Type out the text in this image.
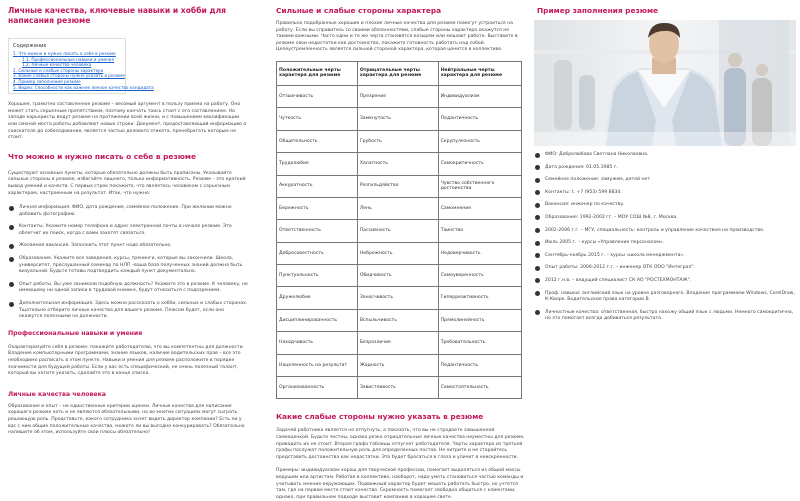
Личные качества, ключевые навыки и хобби для написания резюме
Содержание
1. Что можно и нужно писать о себе в резюме
1.1. Профессиональные навыки и умения
1.2. Личные качества человека
2. Сильные и слабые стороны характера
3. Какие слабые стороны нужно указать в резюме
4. Пример заполнения резюме
5. Видео: Способности как важнее личное качество кандидата

Хорошее, грамотно составленное резюме – весомый аргумент в пользу приема на работу. Оно может стать серьезным препятствием, поэтому кончать тоись стоит с его составлением. На западе карьеристы ведут резюме на протяжении всей жизни, и с повышением квалификации или сменой места работы добавляют новые строки. Документ, предоставляющий информацию о соискателе до собеседования, является частью делового этикета, пренебрегать которым не стоит.

Что можно и нужно писать о себе в резюме

Существуют основные пункты, которые обязательно должны быть прописаны. Указывайте сильные стороны в резюме, избегайте лишнего, только информативность. Резюме – это краткий вывод умений и качеств. С первых строк покажите, что являетесь человеком с серьезным характером, настроенным на результат. Итак, что нужно:

Личная информация: ФИО, дата рождения, семейное положение. При желании можно добавить фотографию.
Контакты. Укажите номер телефона и адрес электронной почты в начале резюме. Это облегчит их поиск, когда с вами захотят связаться.
Желаемая вакансия. Заполнить этот пункт надо обязательно.
Образование. Укажите все заведения, курсы, тренинги, которые вы закончили. Школа, университет, прослушанный семинар по НЛП –ваша база полученных знаний должна быть визуальной. Будьте готовы подтвердить каждый пункт документально.
Опыт работы. Вы уже занимали подобную должность? Укажите это в резюме. К человеку, не имеющему ни одной записи в трудовой книжке, будут относиться с подозрением.
Дополнительная информация. Здесь можно рассказать о хобби, сильных и слабых сторонах. Тщательно отберите личные качества для вашего резюме. Плюсом будет, если оно окажутся полезными на должности.
Профессиональные навыки и умения

Охарактеризуйте себя в резюме: покажите работодателю, что вы компетентны для должности. Владение компьютерными программами, знание языков, наличие водительских прав – все это необходимо расписать в этом пункте. Навыки и умения для резюме расположите в порядке значимости для будущей работы. Если у вас есть специфический, не очень полезный талант, который вы хотите указать, сделайте это в конце списка.

Личные качества человека

Образование и опыт – не единственные критерии оценки. Личные качества для написания хорошего резюме хоть и не являются обязательными, но во многих ситуациях могут сыграть решающую роль. Представьте, какого сотрудника хочет видеть директор компании? Есть ли у вас с ним общие положительные качества, можете ли вы выгодно конкурировать? Обязательно напишите об этом, используйте свои плюсы обязательно!

Сильные и слабые стороны характера

Правильно подобранные хорошие и плохие личные качества для резюме помогут устроиться на работу. Если вы справитесь со своими обязанностями, слабые стороны характера окажутся не такими важными. Часто одни и те же черта становятся козырем или мешают работе. Выставите в резюме свои недостатки как достоинства, покажите готовность работать над собой. Целеустремленность является сильной стороной характера, которая ценится в коллективе.

Положительные черты характера для резюме	Отрицательные черты характера для резюме	Нейтральные черты характера для резюме
Отзывчивость	Презрение	Индивидуализм
Чуткость	Замкнутость	Педантичность
Общительность	Грубость	Скрупулезность
Трудолюбие	Халатность	Самокритичность
Аккуратность	Розгильдяйство	Чувство собственного достоинства
Бережность	Лень	Самомнение
Ответственность	Пассивность	Таинство
Добросовестность	Небрежность	Недоверчивость
Пунктуальность	Обидчивость	Самоуверенность
Дружелюбие	Заносчивость	Гиперреактивность
Дисциплинированность	Вспыльчивость	Прямолинейность
Находчивость	Безразличие	Требовательность
Нацеленность на результат	Жадность	Педантичность
Организованность	Завистливость	Самостоятельность
Какие слабые стороны нужно указать в резюме

Задачей работника является не отпугнуть, а показать, что вы не страдаете завышенной самооценкой. Будьте честны, однако резко отрицательные личные качества неуместны для резюме, приводить их не стоит. Вторая графа таблицы отпугнет работодателя. Черты характера из третьей графы послужат положительную роль для определенных постов. Не хитрите и не старайтесь представить достоинства как недостатки. Это будет бросаться в глаза и уличит в неискренности.

Примеры: индивидуализм хорош для творческой профессии, помогает выделяться из общей массы ведущим или артистам. Работая в коллективе, наоборот, надо уметь становиться частью команды и учитывать мнение окружающих. Подвижный характер будет мешать работать быстро, но учтется там, где на первом месте стоит качество. Скромность помогает свободно общаться с клиентами, однако, при правильном подходе выставит компанию в хорошем свете.

Пример заполнения резюме
ФИО: Добролюбова Светлана Николаевна.
Дата рождения: 01.05.1985 г.
Семейное положение: замужем, детей нет.
Контакты: t. +7 (953) 599 8834.
Вакансия: инженер по качеству.
Образование: 1992-2002 гг. – МОУ СОШ №8, г. Москва.
2002-2006 г.г. – МГУ, специальность: контроль и управление качеством на производстве.
Июль 2005 г. – курсы «Управление персоналом».
Сентябрь-ноябрь 2015 г. – курсы «школа менеджмента».
Опыт работы: 2006-2012 г.г. – инженер ОТК ООО "Интеграл".
2012 г.н.в. – ведущий специалист СК АО "РОСТЕХМОНТАЖ".
Проф. навыки: английский язык на уровне разговорного. Владение программами Windows, CorelDraw, К-Кворк. Водительские права категории В.
Личностные качества: ответственная, быстро нахожу общий язык с людьми. Немного самокритична, но это помогает всегда добиваться результата.
